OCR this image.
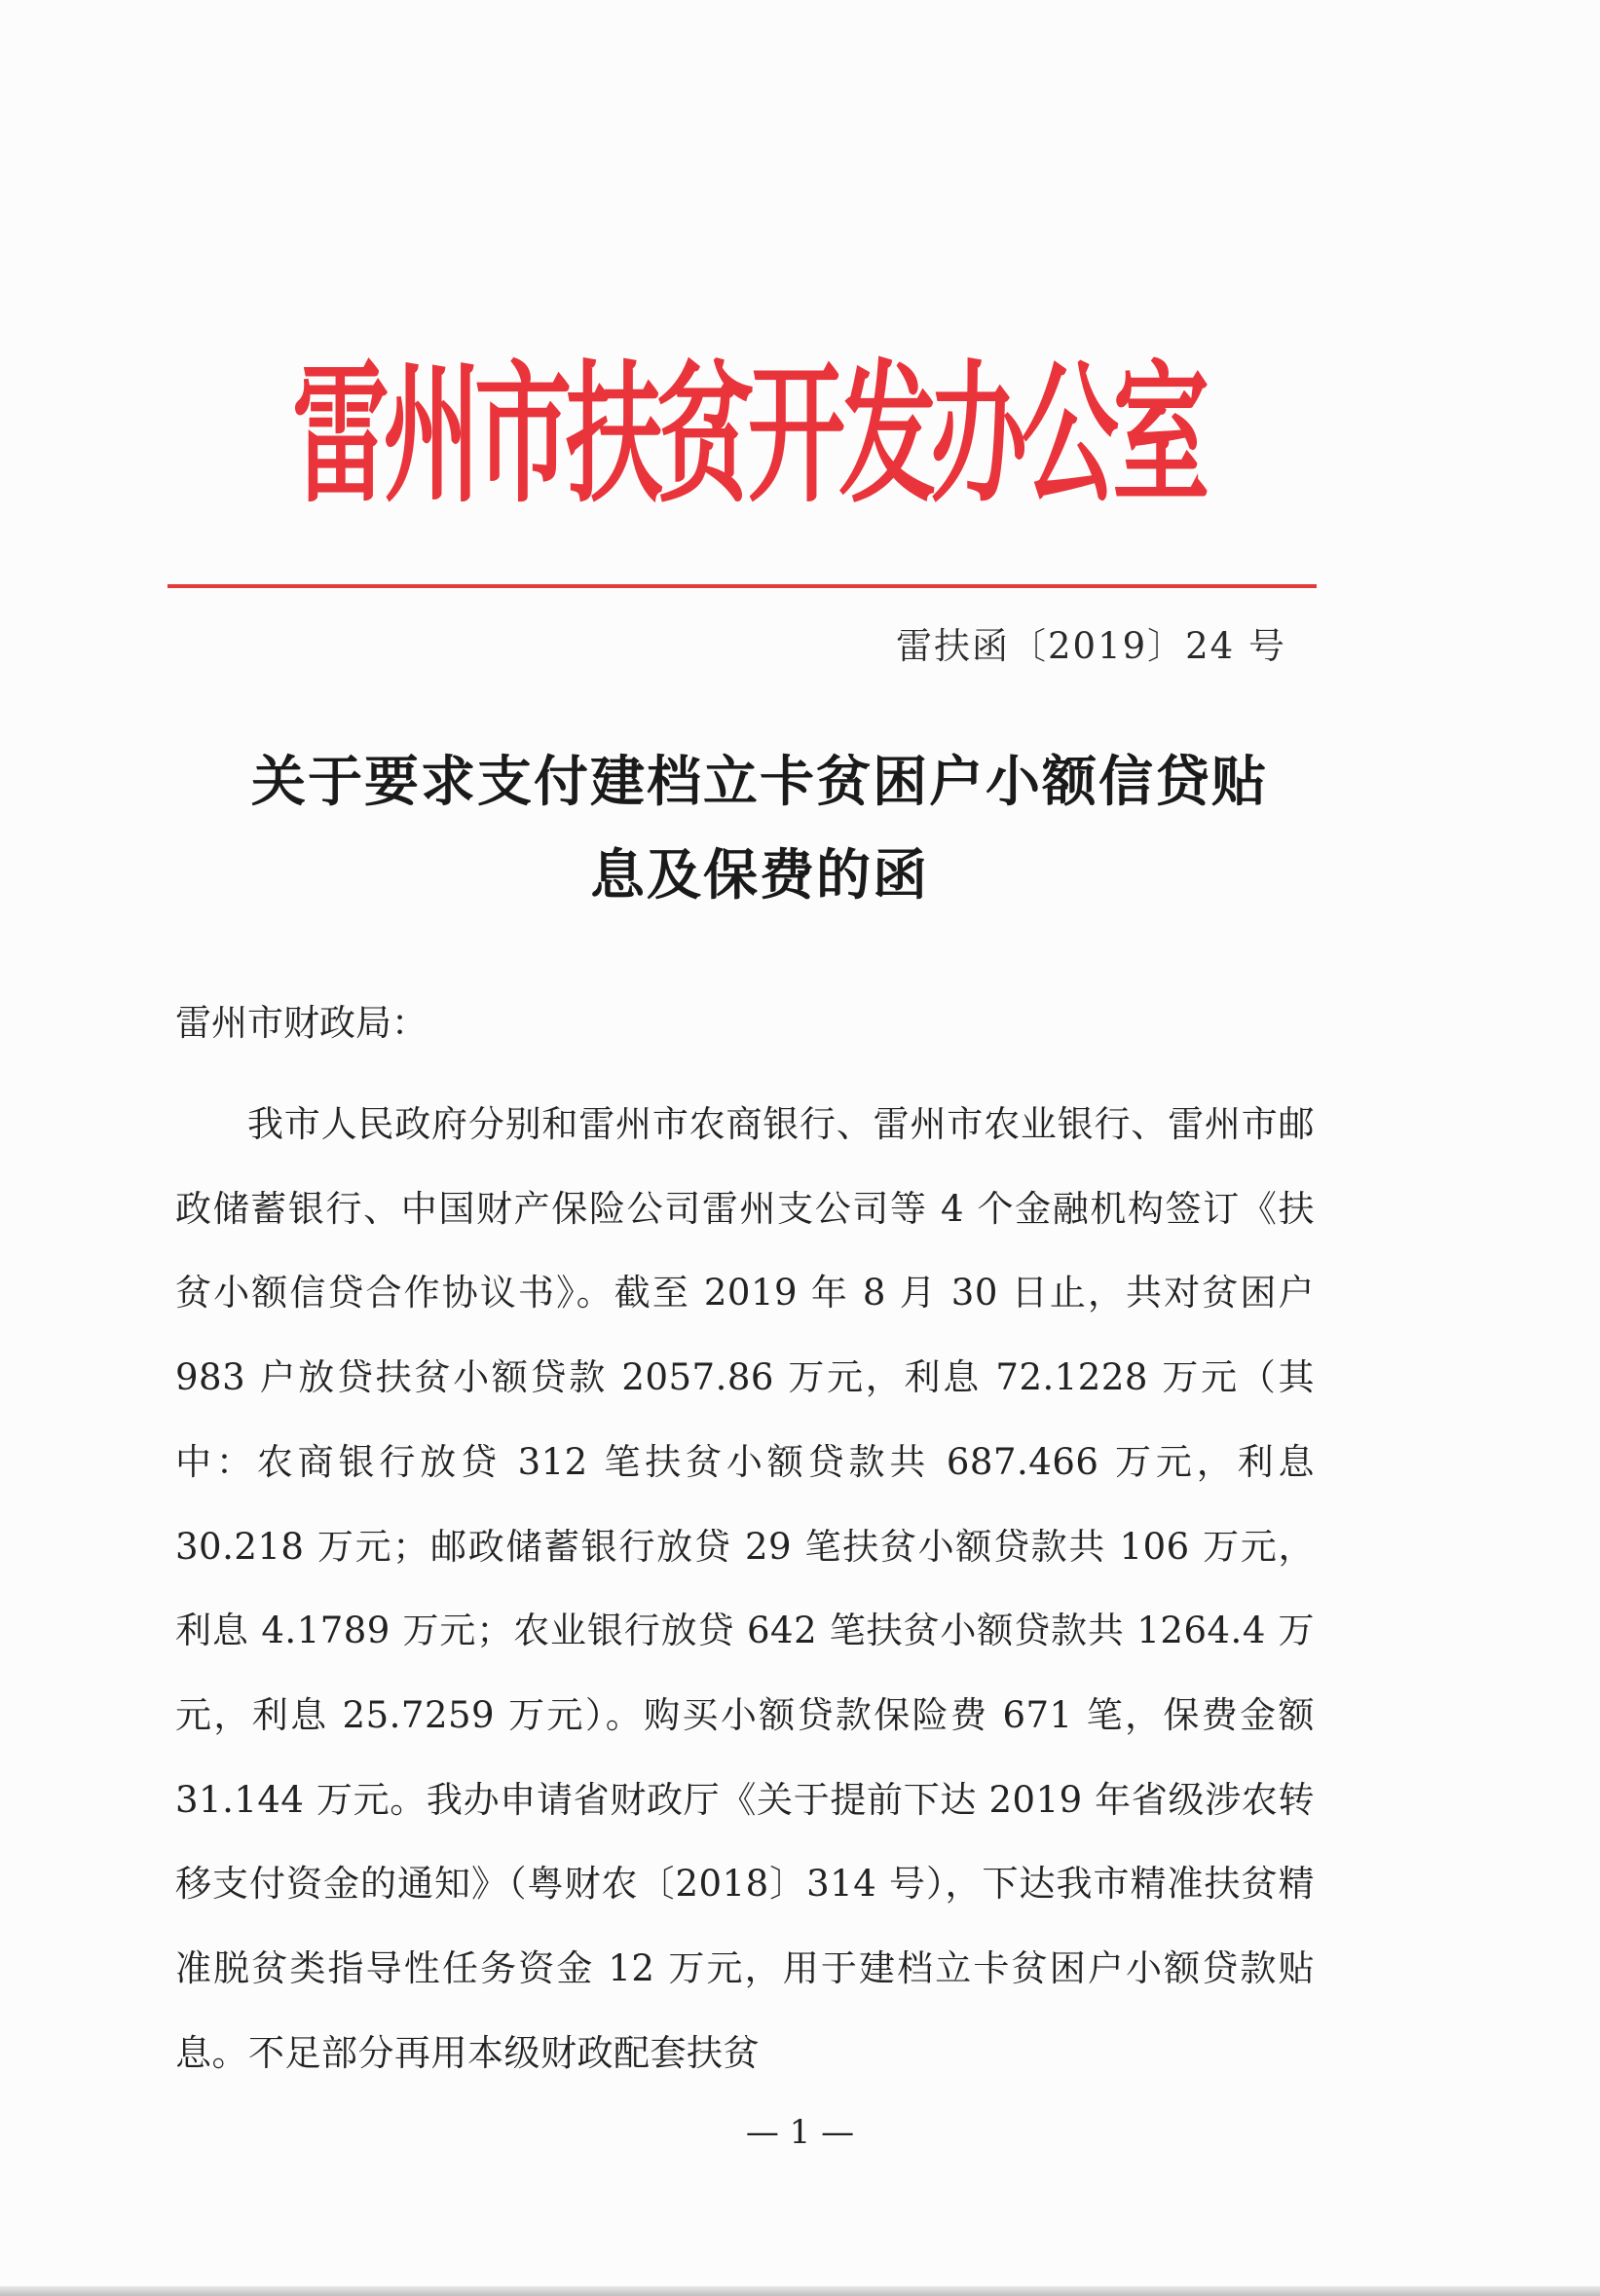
雷州市扶贫开发办公室
雷扶函〔2019〕24 号
关于要求支付建档立卡贫困户小额信贷贴
息及保费的函
雷州市财政局：
我市人民政府分别和雷州市农商银行、雷州市农业银行、雷州市邮政储蓄银行、中国财产保险公司雷州支公司等 4 个金融机构签订《扶贫小额信贷合作协议书》。截至 2019 年 8 月 30 日止，共对贫困户 983 户放贷扶贫小额贷款 2057.86 万元，利息 72.1228 万元（其中：农商银行放贷 312 笔扶贫小额贷款共 687.466 万元，利息 30.218 万元；邮政储蓄银行放贷 29 笔扶贫小额贷款共 106 万元，利息 4.1789 万元；农业银行放贷 642 笔扶贫小额贷款共 1264.4 万元，利息 25.7259 万元）。购买小额贷款保险费 671 笔，保费金额 31.144 万元。我办申请省财政厅《关于提前下达 2019 年省级涉农转移支付资金的通知》（粤财农〔2018〕314 号），下达我市精准扶贫精准脱贫类指导性任务资金 12 万元，用于建档立卡贫困户小额贷款贴息。不足部分再用本级财政配套扶贫
— 1 —
